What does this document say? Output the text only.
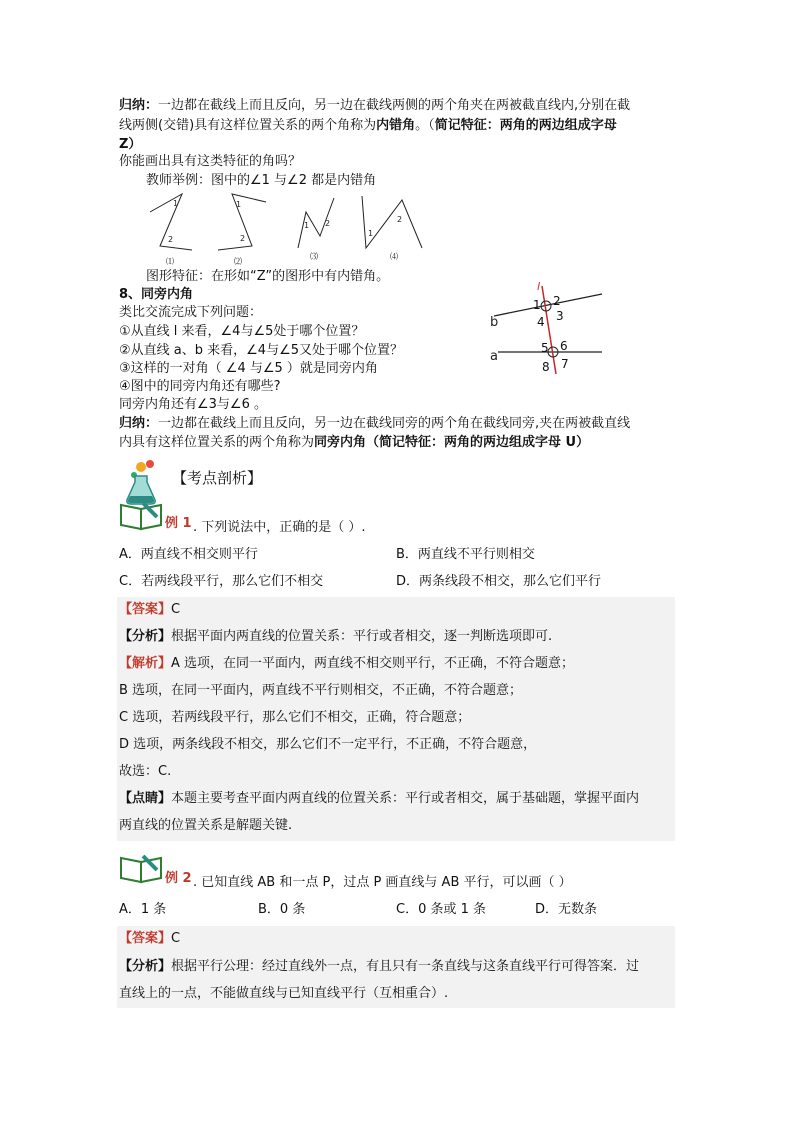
归纳：一边都在截线上而且反向，另一边在截线两侧的两个角夹在两被截直线内,分别在截
线两侧(交错)具有这样位置关系的两个角称为内错角。（简记特征：两角的两边组成字母
Z）
你能画出具有这类特征的角吗？
教师举例：图中的∠1 与∠2 都是内错角
1
2
1
2
1 2
1
2
⑴	⑵
⑶	⑷
图形特征：在形如“Z”的图形中有内错角。
8、同旁内角
类比交流完成下列问题：
①从直线 l 来看，∠4与∠5处于哪个位置？
②从直线 a、b 来看，∠4与∠5又处于哪个位置？
③这样的一对角（ ∠4 与∠5 ）就是同旁内角
④图中的同旁内角还有哪些?
同旁内角还有∠3与∠6 。
l
b
a
1 2
3
4
5 6
7
8
归纳：一边都在截线上而且反向，另一边在截线同旁的两个角在截线同旁,夹在两被截直线
内具有这样位置关系的两个角称为同旁内角（简记特征：两角的两边组成字母 U）
【考点剖析】
例 1 . 下列说法中，正确的是（ ）.
A．两直线不相交则平行	B．两直线不平行则相交
C．若两线段平行，那么它们不相交	D．两条线段不相交，那么它们平行
【答案】C
【分析】根据平面内两直线的位置关系：平行或者相交，逐一判断选项即可.
【解析】A 选项，在同一平面内，两直线不相交则平行，不正确，不符合题意；
B 选项，在同一平面内，两直线不平行则相交，不正确，不符合题意；
C 选项，若两线段平行，那么它们不相交，正确，符合题意；
D 选项，两条线段不相交，那么它们不一定平行，不正确，不符合题意，
故选：C.
【点睛】本题主要考查平面内两直线的位置关系：平行或者相交，属于基础题，掌握平面内
两直线的位置关系是解题关键.
例 2 . 已知直线 AB 和一点 P，过点 P 画直线与 AB 平行，可以画（ ）
A．1 条	B．0 条	C．0 条或 1 条	D．无数条
【答案】C
【分析】根据平行公理：经过直线外一点，有且只有一条直线与这条直线平行可得答案．过
直线上的一点，不能做直线与已知直线平行（互相重合）.
